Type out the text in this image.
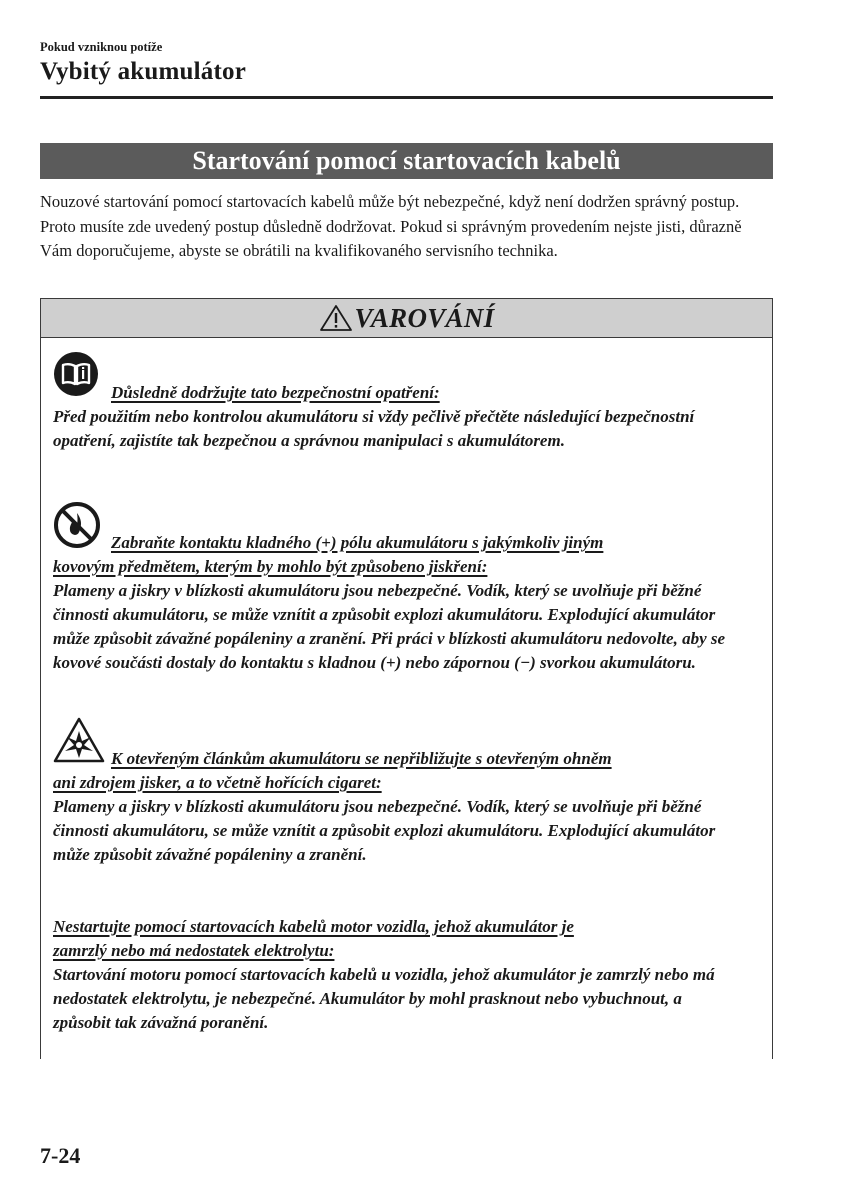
Pokud vzniknou potíže
Vybitý akumulátor
Startování pomocí startovacích kabelů
Nouzové startování pomocí startovacích kabelů může být nebezpečné, když není dodržen správný postup. Proto musíte zde uvedený postup důsledně dodržovat. Pokud si správným provedením nejste jisti, důrazně Vám doporučujeme, abyste se obrátili na kvalifikovaného servisního technika.
VAROVÁNÍ
Důsledně dodržujte tato bezpečnostní opatření:
Před použitím nebo kontrolou akumulátoru si vždy pečlivě přečtěte následující bezpečnostní opatření, zajistíte tak bezpečnou a správnou manipulaci s akumulátorem.
Zabraňte kontaktu kladného (+) pólu akumulátoru s jakýmkoliv jiným
kovovým předmětem, kterým by mohlo být způsobeno jiskření:
Plameny a jiskry v blízkosti akumulátoru jsou nebezpečné. Vodík, který se uvolňuje při běžné činnosti akumulátoru, se může vznítit a způsobit explozi akumulátoru. Explodující akumulátor může způsobit závažné popáleniny a zranění. Při práci v blízkosti akumulátoru nedovolte, aby se kovové součásti dostaly do kontaktu s kladnou (+) nebo zápornou (−) svorkou akumulátoru.
K otevřeným článkům akumulátoru se nepřibližujte s otevřeným ohněm
ani zdrojem jisker, a to včetně hořících cigaret:
Plameny a jiskry v blízkosti akumulátoru jsou nebezpečné. Vodík, který se uvolňuje při běžné činnosti akumulátoru, se může vznítit a způsobit explozi akumulátoru. Explodující akumulátor může způsobit závažné popáleniny a zranění.
Nestartujte pomocí startovacích kabelů motor vozidla, jehož akumulátor je
zamrzlý nebo má nedostatek elektrolytu:
Startování motoru pomocí startovacích kabelů u vozidla, jehož akumulátor je zamrzlý nebo má nedostatek elektrolytu, je nebezpečné. Akumulátor by mohl prasknout nebo vybuchnout, a způsobit tak závažná poranění.
7-24
